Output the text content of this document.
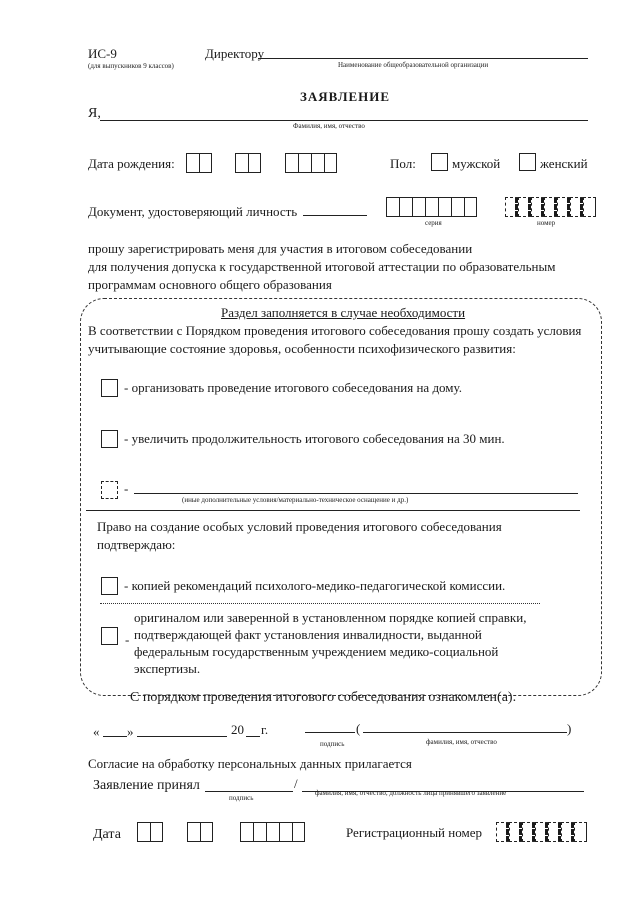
ИС-9
(для выпускников 9 классов)
Директору
Наименование общеобразовательной организации
ЗАЯВЛЕНИЕ
Я,
Фамилия, имя, отчество
Дата рождения:	Пол:	мужской	женский
Документ, удостоверяющий личность
серия	номер
прошу зарегистрировать меня для участия в итоговом собеседовании
для получения допуска к государственной итоговой аттестации по образовательным
программам основного общего образования
Раздел заполняется в случае необходимости
В соответствии с Порядком проведения итогового собеседования прошу создать условия
учитывающие состояние здоровья, особенности психофизического развития:
- организовать проведение итогового собеседования на дому.
- увеличить продолжительность итогового собеседования на 30 мин.
-
(иные дополнительные условия/материально-техническое оснащение и др.)
Право на создание особых условий проведения итогового собеседования
подтверждаю:
- копией рекомендаций психолого-медико-педагогической комиссии.
-
оригиналом или заверенной в установленном порядке копией справки,
подтверждающей факт установления инвалидности, выданной
федеральным государственным учреждением медико-социальной
экспертизы.
С порядком проведения итогового собеседования ознакомлен(а).
« »	20 г.	(	)
подпись	фамилия, имя, отчество
Согласие на обработку персональных данных прилагается
Заявление принял	/
подпись
фамилия, имя, отчество, должность лица принявшего заявление
Дата	Регистрационный номер
